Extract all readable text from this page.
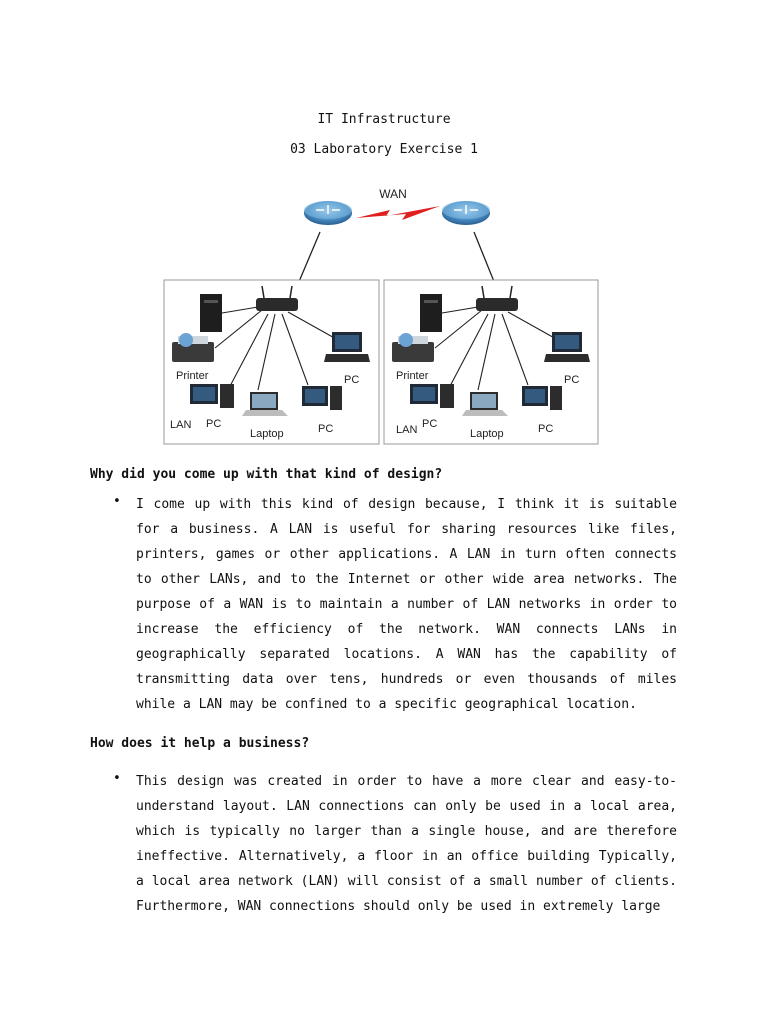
IT Infrastructure
03 Laboratory Exercise 1
WAN
Printer	PC
LAN PC
Laptop	PC
Printer	PC
LAN PC
Laptop	PC
Why did you come up with that kind of design?
• I come up with this kind of design because, I think it is suitable for a business. A LAN is useful for sharing resources like files, printers, games or other applications. A LAN in turn often connects to other LANs, and to the Internet or other wide area networks. The purpose of a WAN is to maintain a number of LAN networks in order to increase the efficiency of the network. WAN connects LANs in geographically separated locations. A WAN has the capability of transmitting data over tens, hundreds or even thousands of miles while a LAN may be confined to a specific geographical location.

How does it help a business?
• This design was created in order to have a more clear and easy-to-understand layout. LAN connections can only be used in a local area, which is typically no larger than a single house, and are therefore ineffective. Alternatively, a floor in an office building Typically, a local area network (LAN) will consist of a small number of clients. Furthermore, WAN connections should only be used in extremely large
